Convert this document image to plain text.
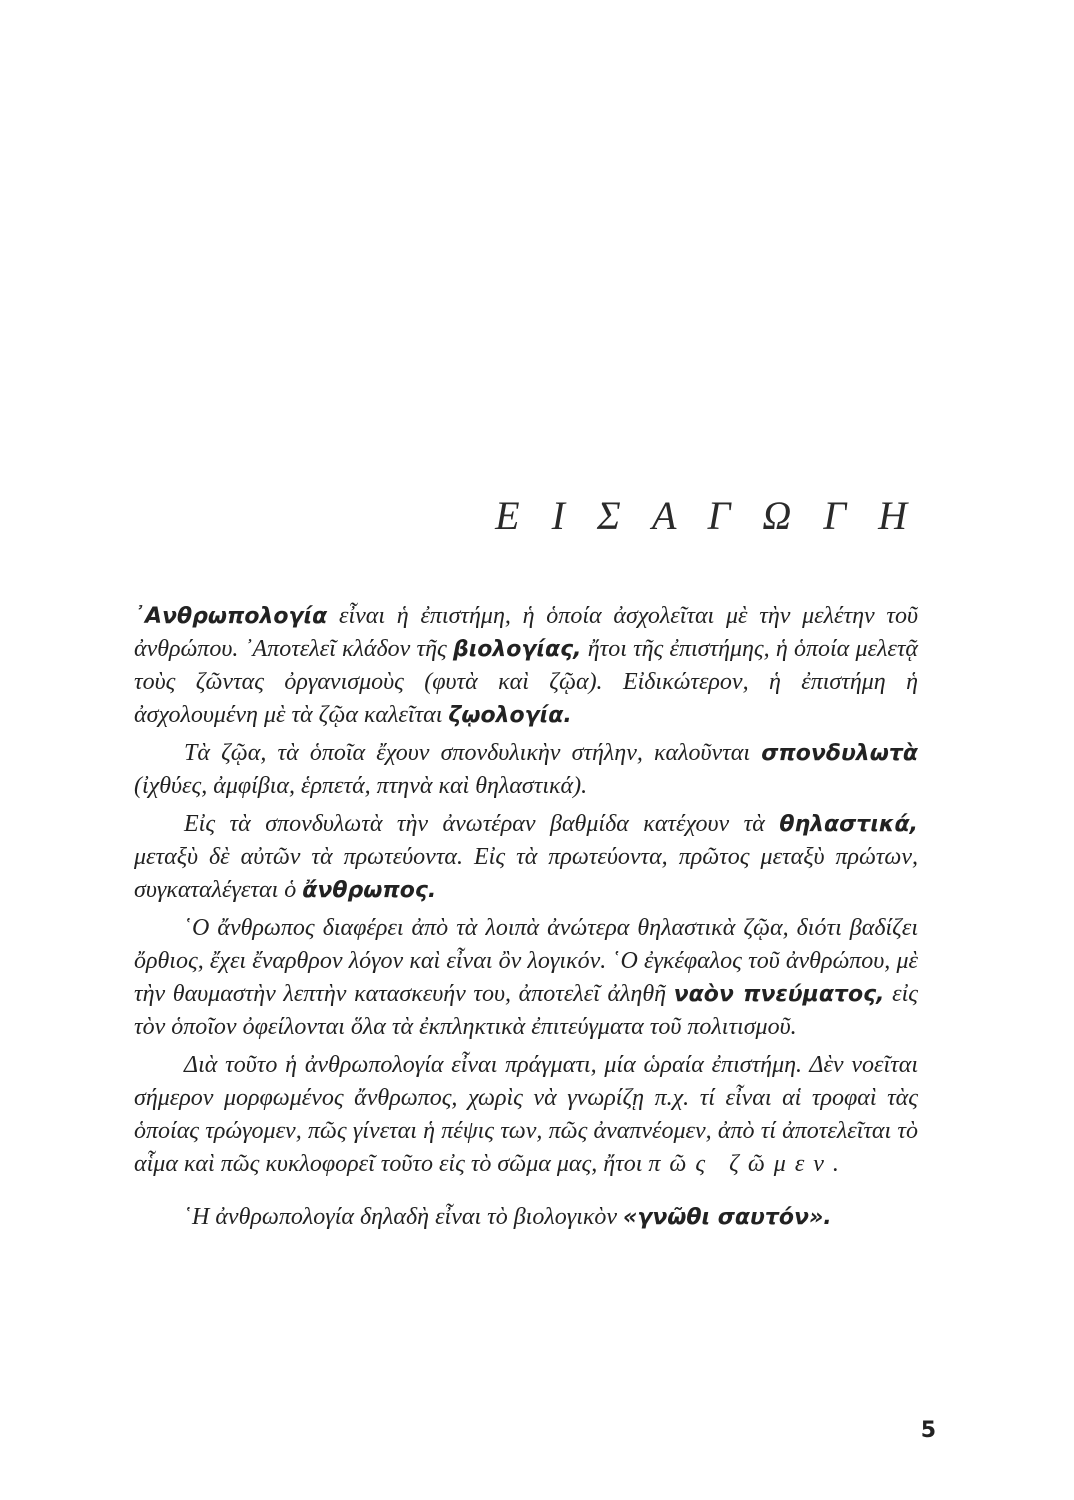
Ε Ι Σ Α Γ Ω Γ Η

᾿Ανθρωπολογία εἶναι ἡ ἐπιστήμη, ἡ ὁποία ἀσχολεῖται μὲ τὴν μελέτην τοῦ ἀνθρώπου. ᾿Αποτελεῖ κλάδον τῆς βιολογίας, ἤτοι τῆς ἐπιστήμης, ἡ ὁποία μελετᾷ τοὺς ζῶντας ὀργανισμοὺς (φυτὰ καὶ ζῷα). Εἰδικώτερον, ἡ ἐπιστήμη ἡ ἀσχολουμένη μὲ τὰ ζῷα καλεῖται ζῳολογία.

Τὰ ζῷα, τὰ ὁποῖα ἔχουν σπονδυλικὴν στήλην, καλοῦνται σπονδυλωτὰ (ἰχθύες, ἀμφίβια, ἑρπετά, πτηνὰ καὶ θηλαστικά).

Εἰς τὰ σπονδυλωτὰ τὴν ἀνωτέραν βαθμίδα κατέχουν τὰ θηλαστικά, μεταξὺ δὲ αὐτῶν τὰ πρωτεύοντα. Εἰς τὰ πρωτεύοντα, πρῶτος μεταξὺ πρώτων, συγκαταλέγεται ὁ ἄνθρωπος.

῾Ο ἄνθρωπος διαφέρει ἀπὸ τὰ λοιπὰ ἀνώτερα θηλαστικὰ ζῷα, διότι βαδίζει ὄρθιος, ἔχει ἔναρθρον λόγον καὶ εἶναι ὂν λογικόν. ῾Ο ἐγκέφαλος τοῦ ἀνθρώπου, μὲ τὴν θαυμαστὴν λεπτὴν κατασκευήν του, ἀποτελεῖ ἀληθῆ ναὸν πνεύματος, εἰς τὸν ὁποῖον ὀφείλονται ὅλα τὰ ἐκπληκτικὰ ἐπιτεύγματα τοῦ πολιτισμοῦ.

Διὰ τοῦτο ἡ ἀνθρωπολογία εἶναι πράγματι, μία ὡραία ἐπιστήμη. Δὲν νοεῖται σήμερον μορφωμένος ἄνθρωπος, χωρὶς νὰ γνωρίζῃ π.χ. τί εἶναι αἱ τροφαὶ τὰς ὁποίας τρώγομεν, πῶς γίνεται ἡ πέψις των, πῶς ἀναπνέομεν, ἀπὸ τί ἀποτελεῖται τὸ αἷμα καὶ πῶς κυκλοφορεῖ τοῦτο εἰς τὸ σῶμα μας, ἤτοι πῶς ζῶμεν.

῾Η ἀνθρωπολογία δηλαδὴ εἶναι τὸ βιολογικὸν «γνῶθι σαυτόν».

5
